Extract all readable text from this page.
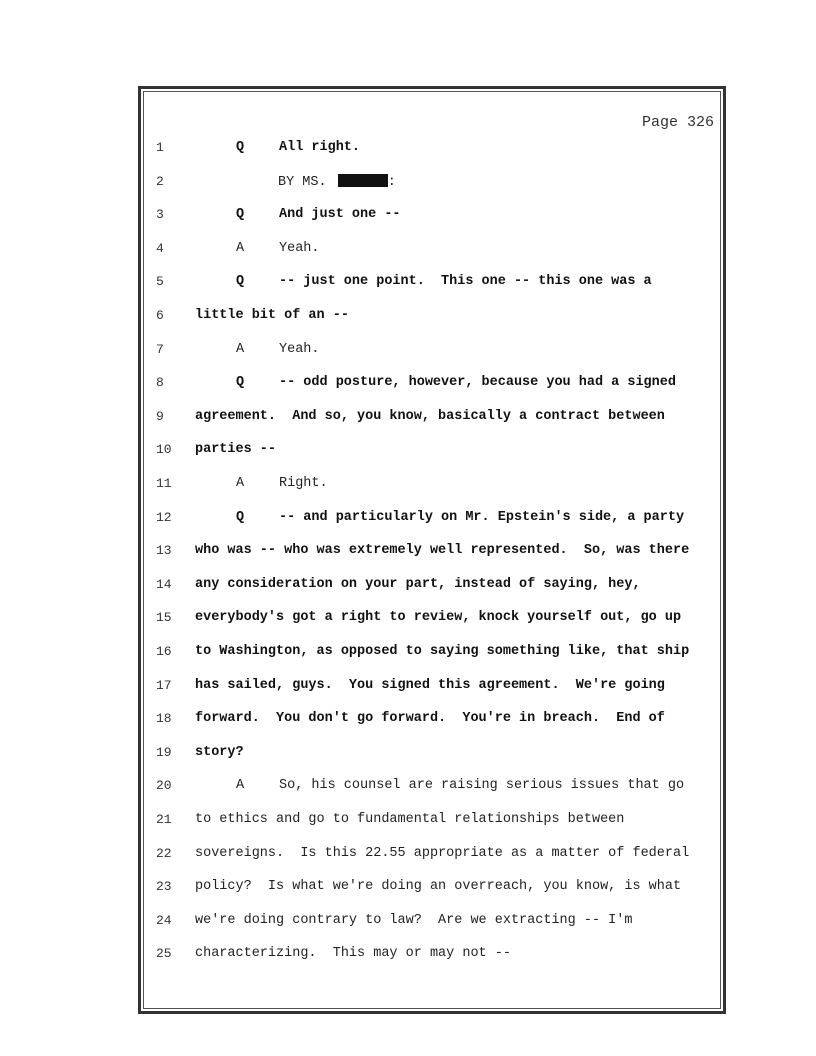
Page 326
1	Q	All right.
2	BY MS.	:
3	Q	And just one --
4	A	Yeah.
5	Q	-- just one point.  This one -- this one was a
6	little bit of an --
7	A	Yeah.
8	Q	-- odd posture, however, because you had a signed
9	agreement.  And so, you know, basically a contract between
10	parties --
11	A	Right.
12	Q	-- and particularly on Mr. Epstein's side, a party
13	who was -- who was extremely well represented.  So, was there
14	any consideration on your part, instead of saying, hey,
15	everybody's got a right to review, knock yourself out, go up
16	to Washington, as opposed to saying something like, that ship
17	has sailed, guys.  You signed this agreement.  We're going
18	forward.  You don't go forward.  You're in breach.  End of
19	story?
20	A	So, his counsel are raising serious issues that go
21	to ethics and go to fundamental relationships between
22	sovereigns.  Is this 22.55 appropriate as a matter of federal
23	policy?  Is what we're doing an overreach, you know, is what
24	we're doing contrary to law?  Are we extracting -- I'm
25	characterizing.  This may or may not --
